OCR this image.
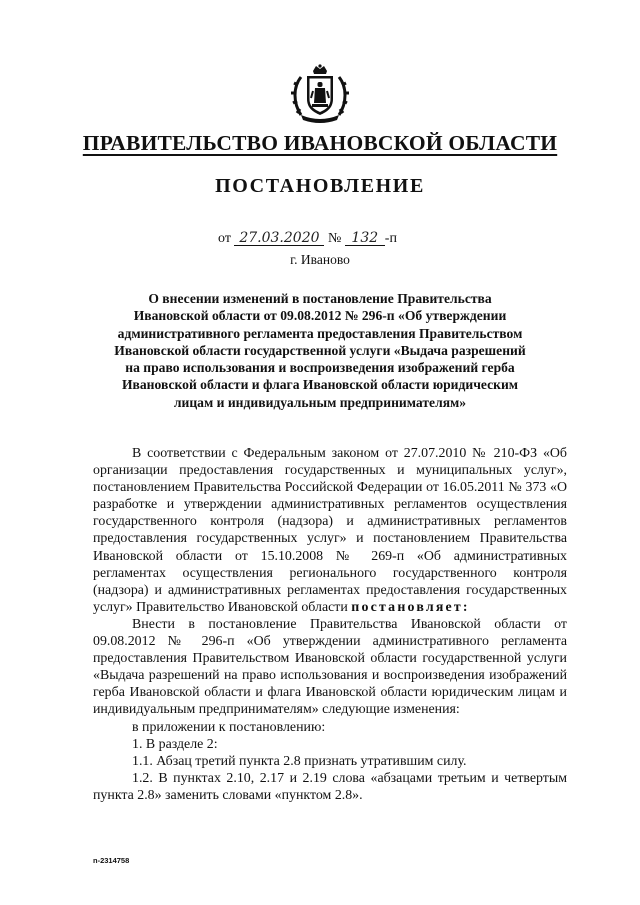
ПРАВИТЕЛЬСТВО ИВАНОВСКОЙ ОБЛАСТИ
ПОСТАНОВЛЕНИЕ
от 27.03.2020 № 132 -п
г. Иваново
О внесении изменений в постановление Правительства Ивановской области от 09.08.2012 № 296-п «Об утверждении административного регламента предоставления Правительством Ивановской области государственной услуги «Выдача разрешений на право использования и воспроизведения изображений герба Ивановской области и флага Ивановской области юридическим лицам и индивидуальным предпринимателям»

В соответствии с Федеральным законом от 27.07.2010 № 210-ФЗ «Об организации предоставления государственных и муниципальных услуг», постановлением Правительства Российской Федерации от 16.05.2011 № 373 «О разработке и утверждении административных регламентов осуществления государственного контроля (надзора) и административных регламентов предоставления государственных услуг» и постановлением Правительства Ивановской области от 15.10.2008 № 269-п «Об административных регламентах осуществления регионального государственного контроля (надзора) и административных регламентах предоставления государственных услуг» Правительство Ивановской области постановляет:

Внести в постановление Правительства Ивановской области от 09.08.2012 № 296-п «Об утверждении административного регламента предоставления Правительством Ивановской области государственной услуги «Выдача разрешений на право использования и воспроизведения изображений герба Ивановской области и флага Ивановской области юридическим лицам и индивидуальным предпринимателям» следующие изменения:

в приложении к постановлению:

1. В разделе 2:

1.1. Абзац третий пункта 2.8 признать утратившим силу.

1.2. В пунктах 2.10, 2.17 и 2.19 слова «абзацами третьим и четвертым пункта 2.8» заменить словами «пунктом 2.8».

n-2314758
